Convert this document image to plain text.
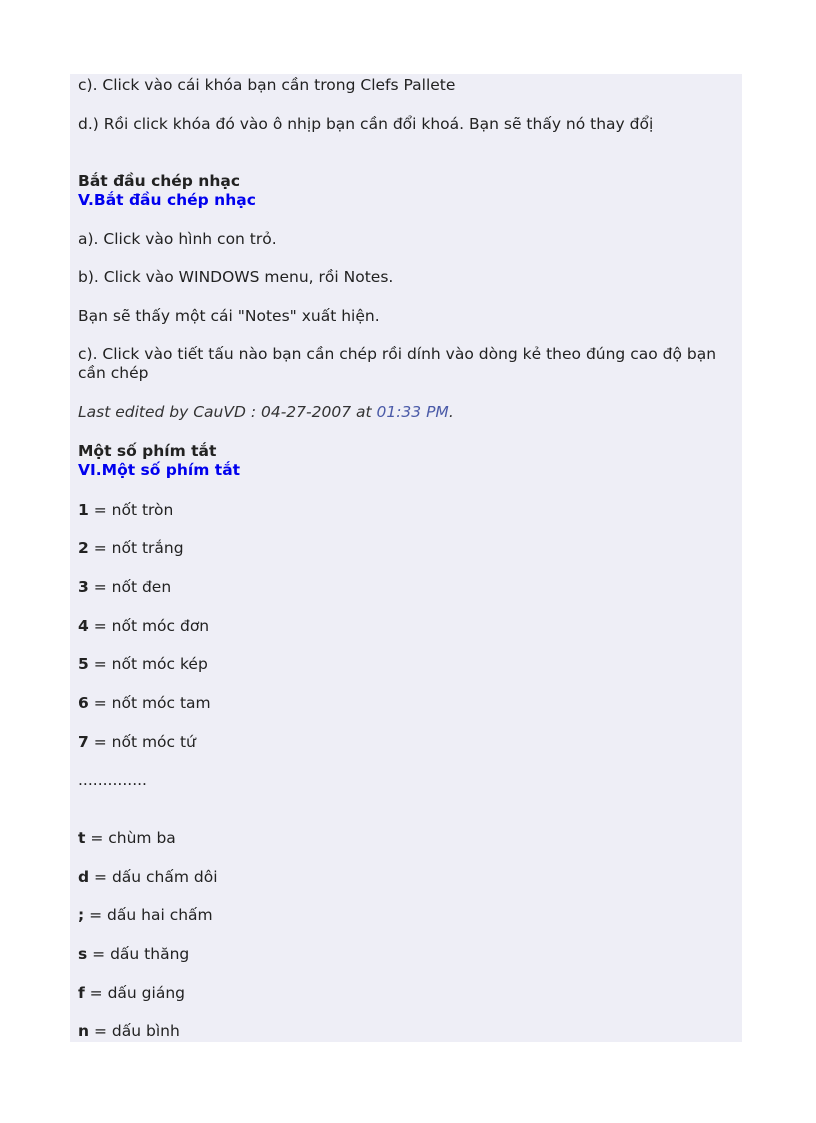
c). Click vào cái khóa bạn cần trong Clefs Pallete

d.) Rồi click khóa đó vào ô nhịp bạn cần đổi khoá. Bạn sẽ thấy nó thay đổị

Bắt đầu chép nhạc

V.Bắt đầu chép nhạc

a). Click vào hình con trỏ.

b). Click vào WINDOWS menu, rồi Notes.

Bạn sẽ thấy một cái "Notes" xuất hiện.

c). Click vào tiết tấu nào bạn cần chép rồi dính vào dòng kẻ theo đúng cao độ bạn cần chép

Last edited by CauVD : 04-27-2007 at 01:33 PM.

Một số phím tắt

VI.Một số phím tắt

1 = nốt tròn

2 = nốt trắng

3 = nốt đen

4 = nốt móc đơn

5 = nốt móc kép

6 = nốt móc tam

7 = nốt móc tứ

..............

t = chùm ba

d = dấu chấm dôi

; = dấu hai chấm

s = dấu thăng

f = dấu giáng

n = dấu bình
